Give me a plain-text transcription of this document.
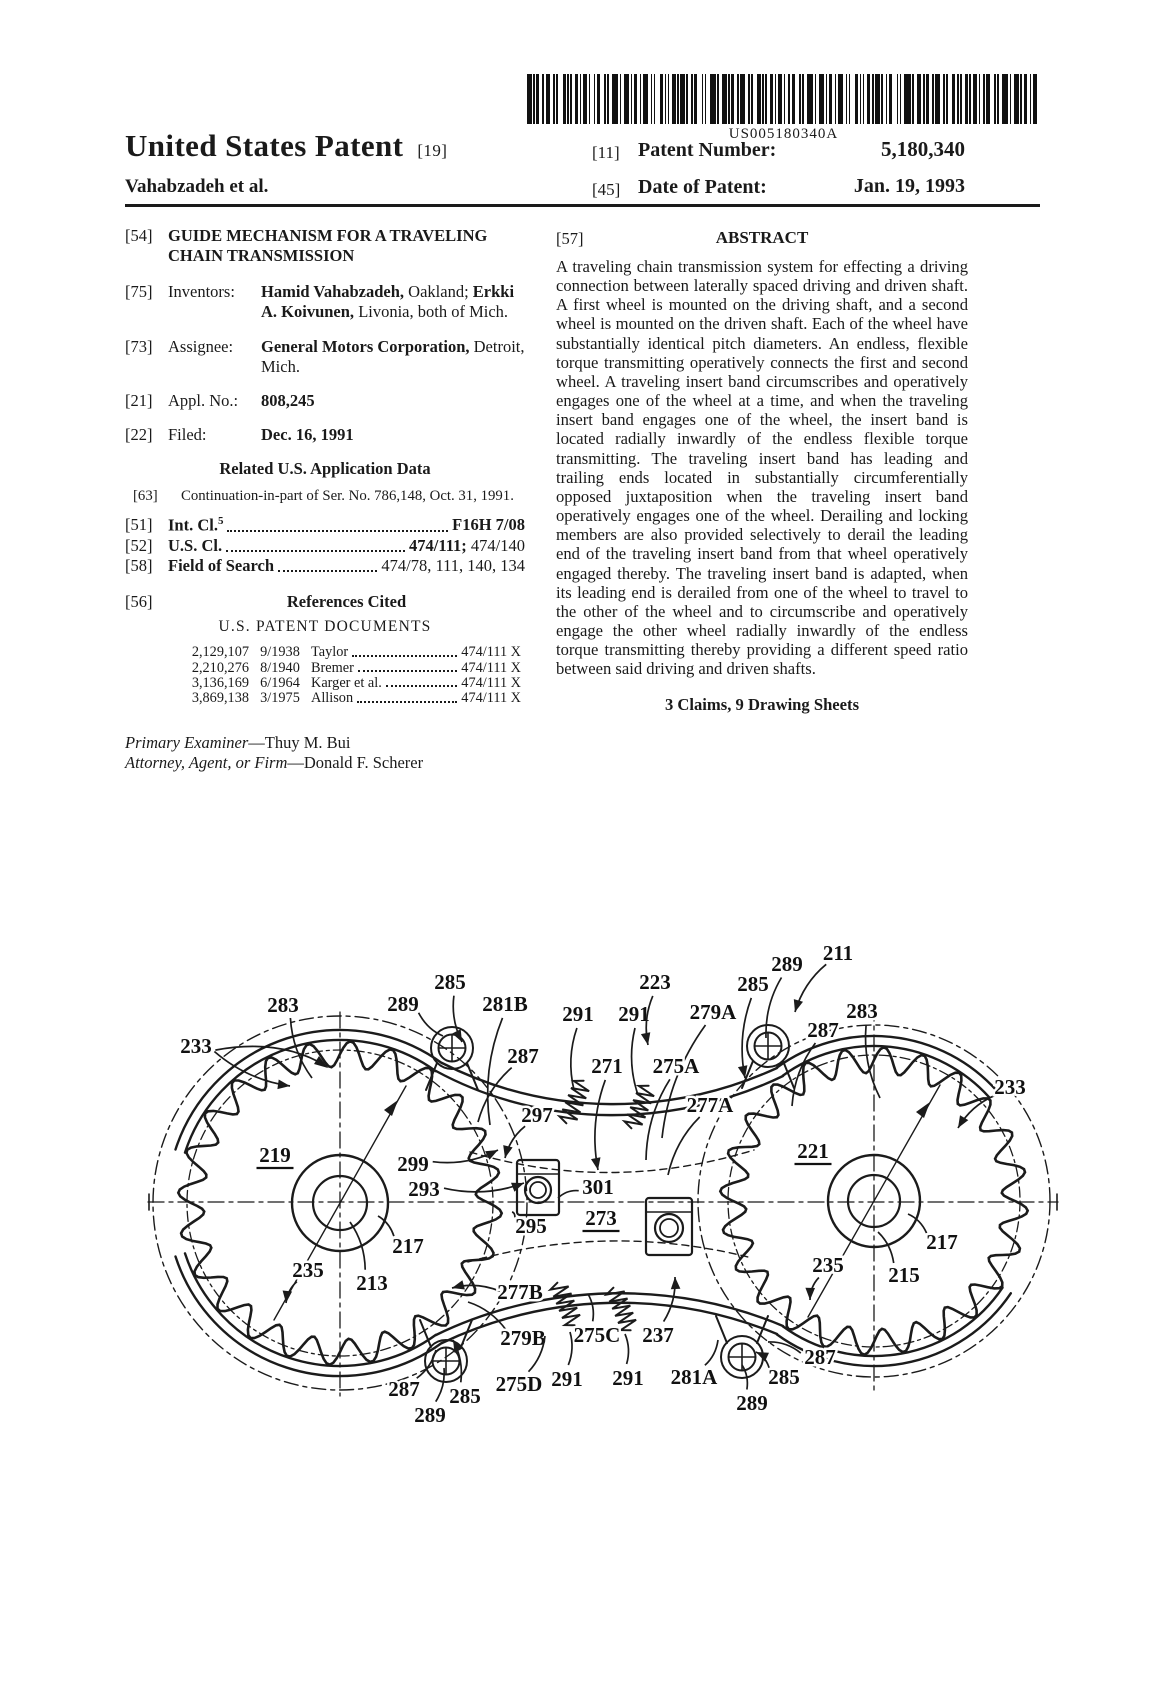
US005180340A
United States Patent [19]
Vahabzadeh et al.
[11] Patent Number:	5,180,340
[45] Date of Patent:	Jan. 19, 1993
[54] GUIDE MECHANISM FOR A TRAVELING CHAIN TRANSMISSION
[75] Inventors:	Hamid Vahabzadeh, Oakland; Erkki A. Koivunen, Livonia, both of Mich.
[73] Assignee:	General Motors Corporation, Detroit, Mich.
[21] Appl. No.:	808,245
[22] Filed:	Dec. 16, 1991
Related U.S. Application Data
[63]	Continuation-in-part of Ser. No. 786,148, Oct. 31, 1991.
[51] Int. Cl.$^5$	F16H 7/08
[52] U.S. Cl.	474/111; 474/140
[58] Field of Search	474/78, 111, 140, 134
[56]	References Cited
U.S. PATENT DOCUMENTS
2,129,107 9/1938 Taylor	474/111 X
2,210,276 8/1940 Bremer	474/111 X
3,136,169 6/1964 Karger et al.	474/111 X
3,869,138 3/1975 Allison	474/111 X
Primary Examiner—Thuy M. Bui
Attorney, Agent, or Firm—Donald F. Scherer
[57]	ABSTRACT

A traveling chain transmission system for effecting a driving connection between laterally spaced driving and driven shaft. A first wheel is mounted on the driving shaft, and a second wheel is mounted on the driven shaft. Each of the wheel have substantially identical pitch diameters. An endless, flexible torque transmitting operatively connects the first and second wheel. A traveling insert band circumscribes and operatively engages one of the wheel at a time, and when the traveling insert band engages one of the wheel, the insert band is located radially inwardly of the endless flexible torque transmitting. The traveling insert band has leading and trailing ends located in substantially circumferentially opposed juxtaposition when the traveling insert band operatively engages one of the wheel. Derailing and locking members are also provided selectively to derail the leading end of the traveling insert band from that wheel operatively engaged thereby. The traveling insert band is adapted, when its leading end is derailed from one of the wheel to travel to the other of the wheel and to circumscribe and operatively engage the other wheel radially inwardly of the endless torque transmitting thereby providing a different speed ratio between said driving and driven shafts.

3 Claims, 9 Drawing Sheets
233
283	289
285
281B 291 291
223
279A
285
289 211
283
287
233
287	271 275A
277A
297
219	221
299
293	301
295 273
217	217
235
213	277B
235 215
279B 275C 237
275D 291 291 281A
287 285
289	289
285
287
